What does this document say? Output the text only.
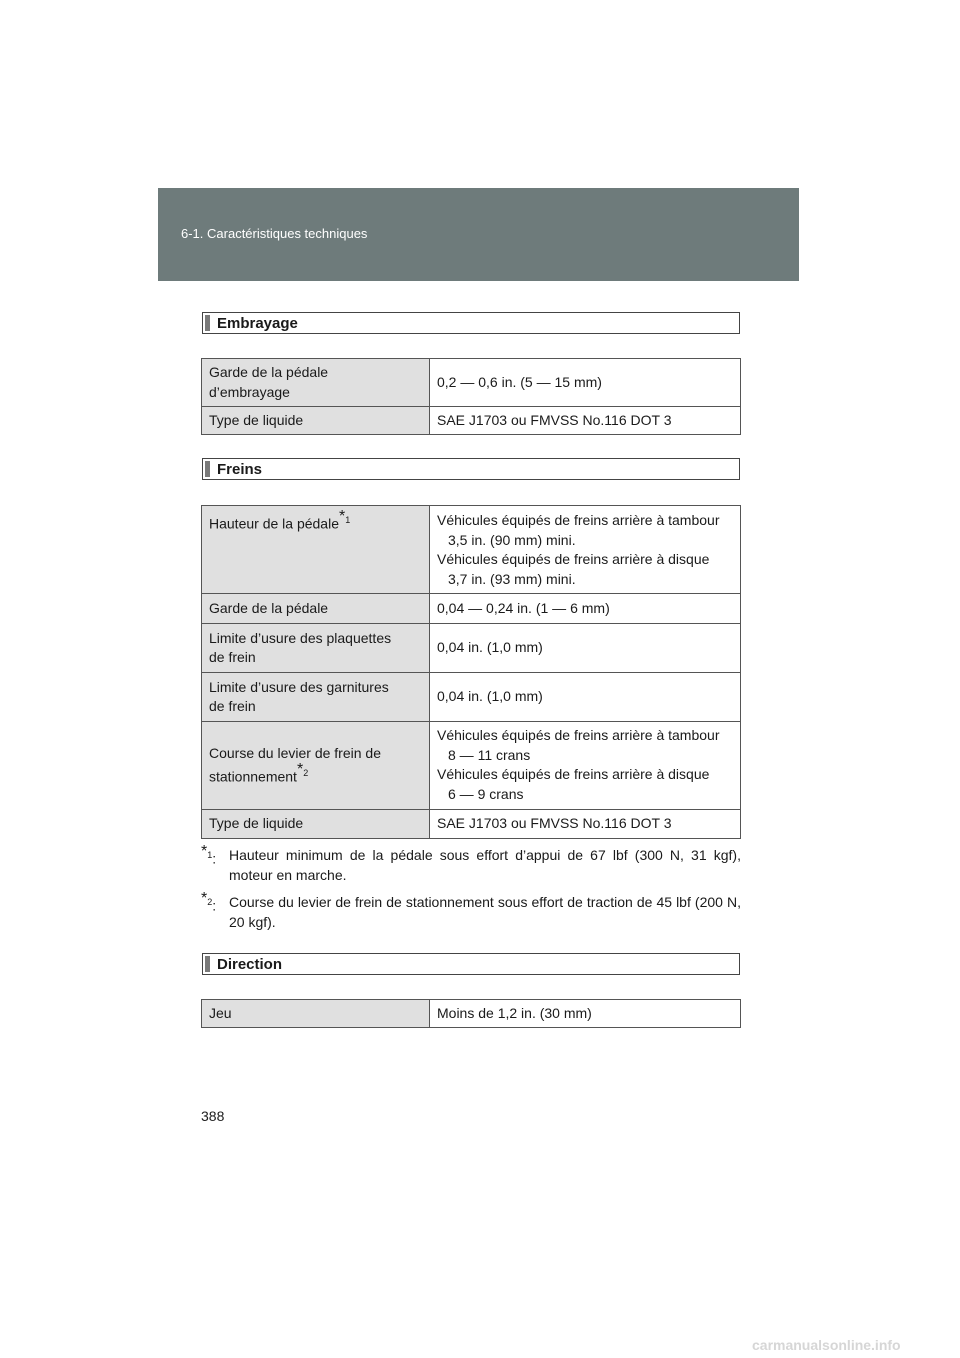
6-1. Caractéristiques techniques
Embrayage
Garde de la pédale
d’embrayage	0,2 — 0,6 in. (5 — 15 mm)
Type de liquide	SAE J1703 ou FMVSS No.116 DOT 3
Freins
Hauteur de la pédale*$^1$	Véhicules équipés de freins arrière à tambour
3,5 in. (90 mm) mini.
Véhicules équipés de freins arrière à disque
3,7 in. (93 mm) mini.

Garde de la pédale	0,04 — 0,24 in. (1 — 6 mm)

Limite d’usure des plaquettes
de frein	0,04 in. (1,0 mm)

Limite d’usure des garnitures
de frein	0,04 in. (1,0 mm)

Course du levier de frein de
stationnement*$^2$	Véhicules équipés de freins arrière à tambour
8 — 11 crans
Véhicules équipés de freins arrière à disque
6 — 9 crans

Type de liquide	SAE J1703 ou FMVSS No.116 DOT 3
*$^1$: Hauteur minimum de la pédale sous effort d’appui de 67 lbf (300 N, 31 kgf), moteur en marche.
*$^2$: Course du levier de frein de stationnement sous effort de traction de 45 lbf (200 N, 20 kgf).
Direction
Jeu	Moins de 1,2 in. (30 mm)
388
carmanualsonline.info
